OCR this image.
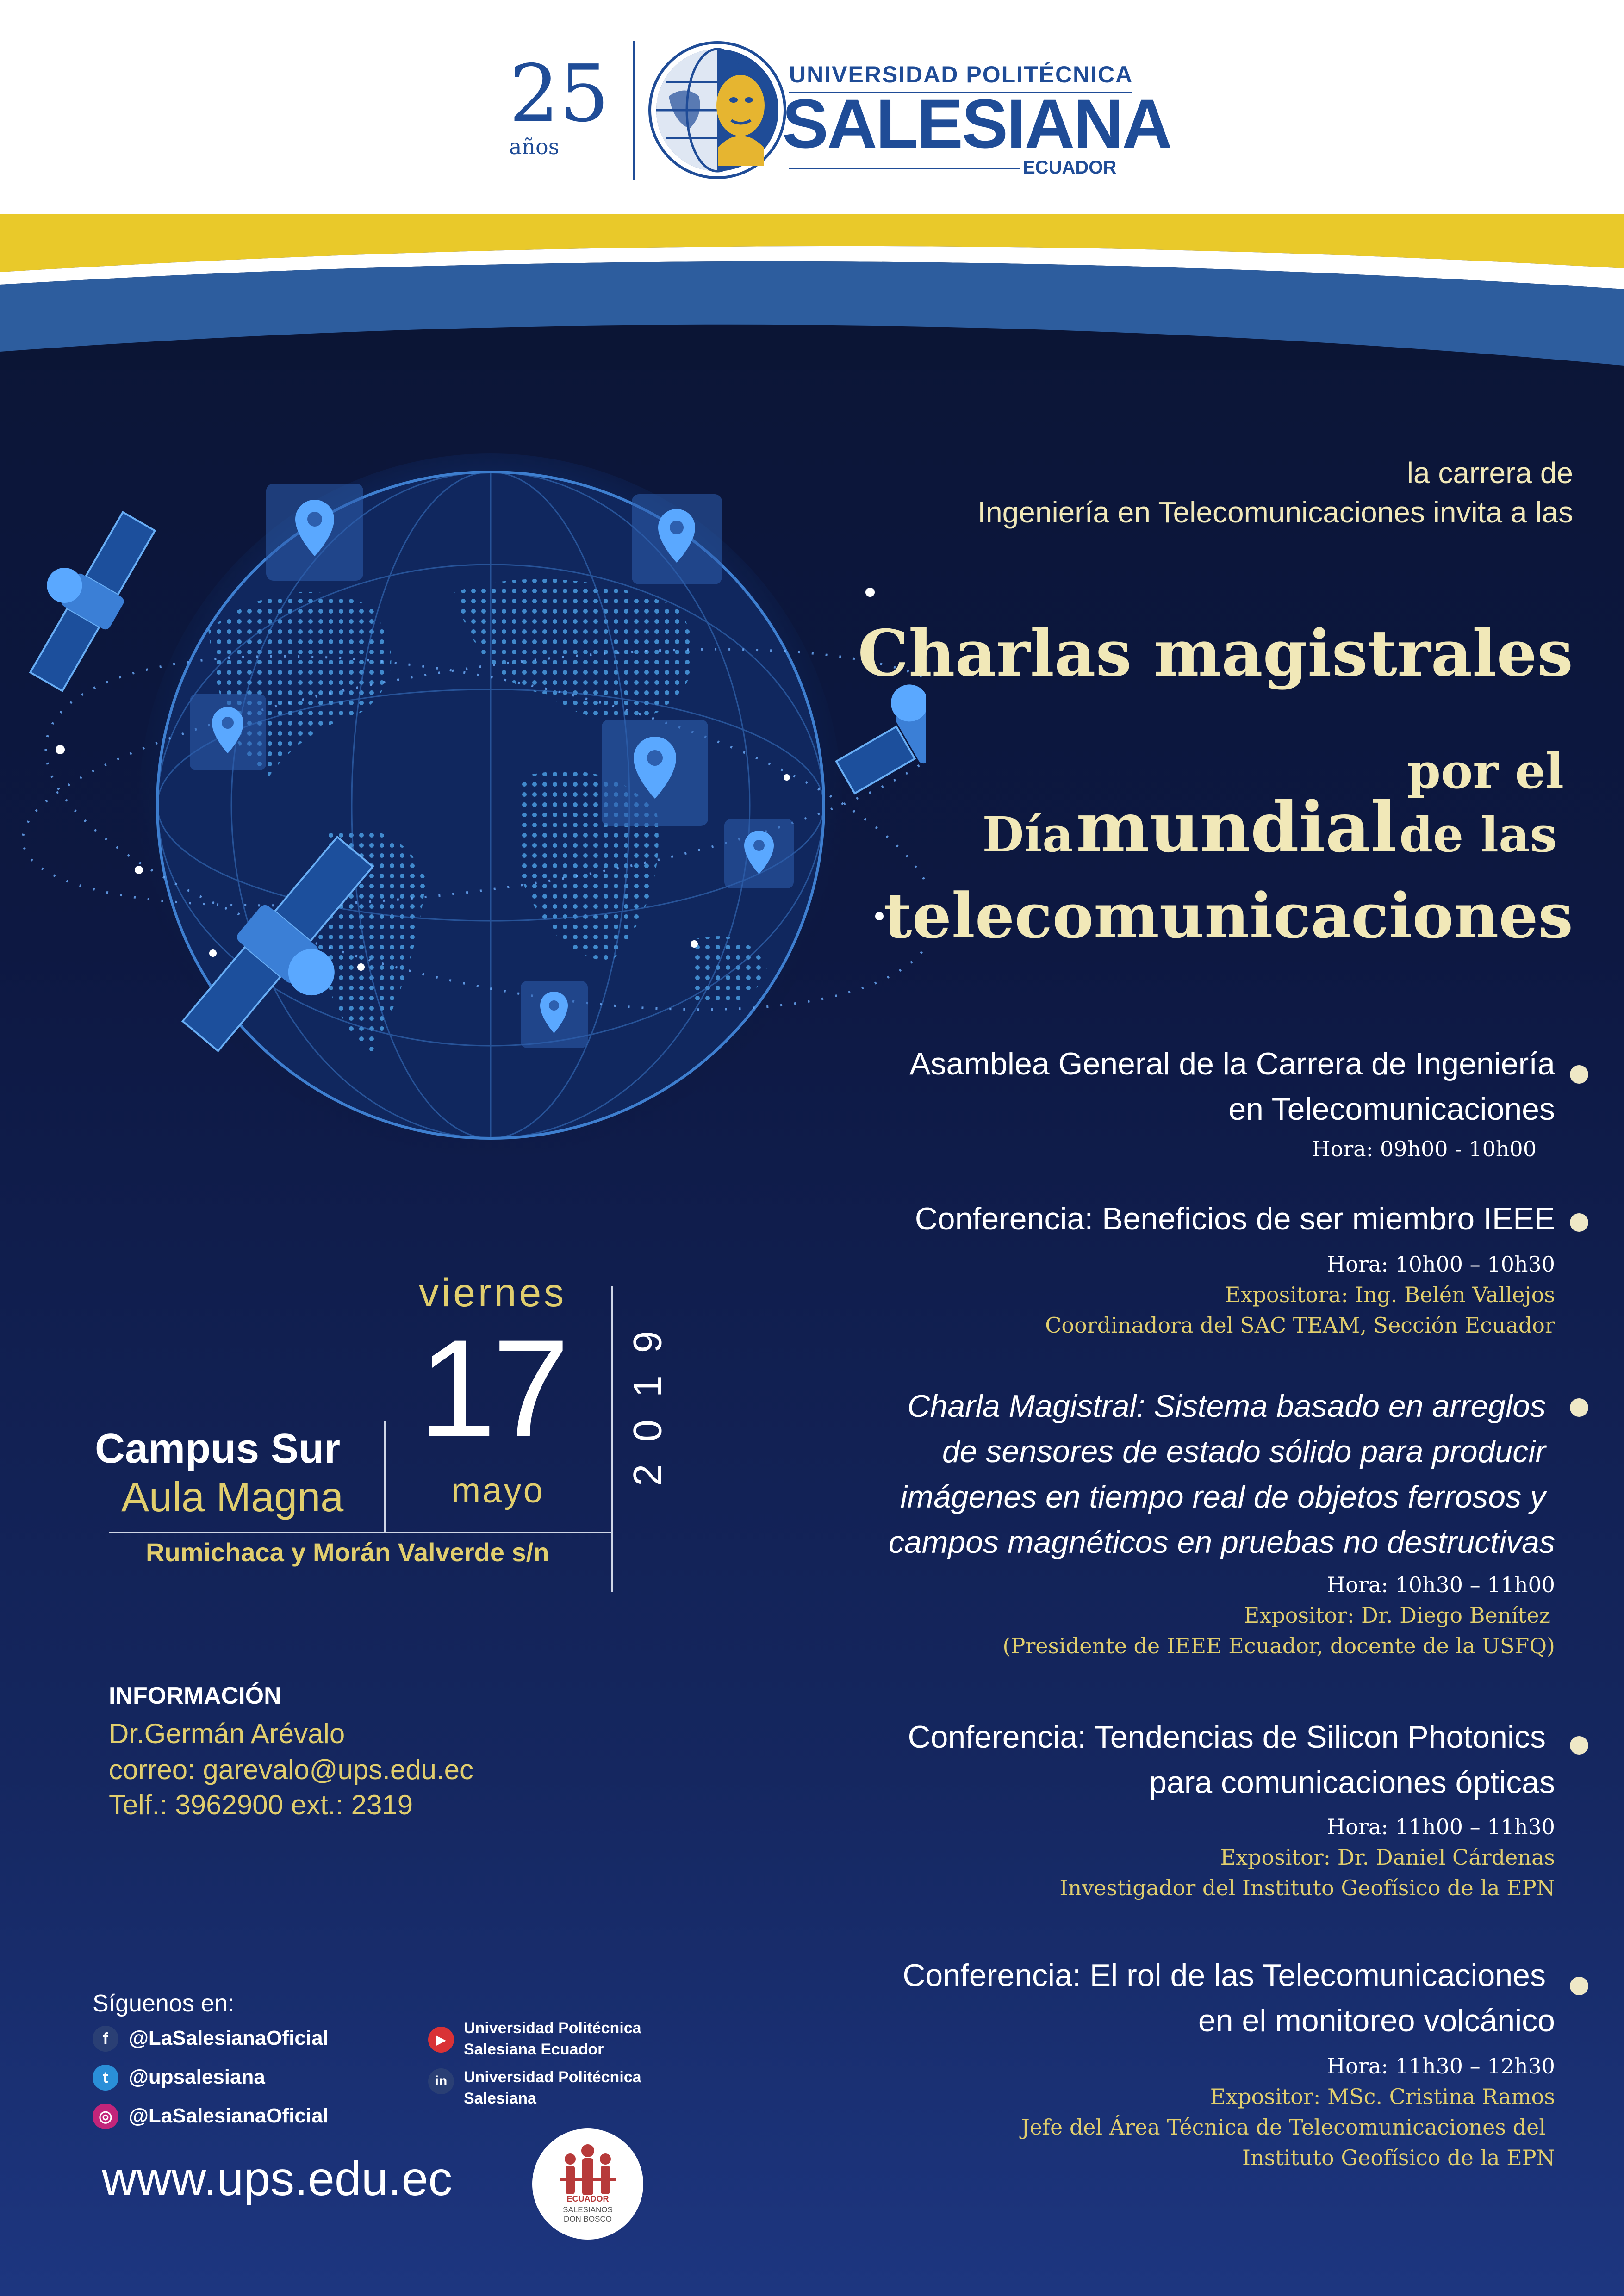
25
años
UNIVERSIDAD POLITÉCNICA
SALESIANA
ECUADOR
la carrera de
Ingeniería en Telecomunicaciones invita a las
Charlas magistrales
por el
Día mundial de las
telecomunicaciones
Asamblea General de la Carrera de Ingeniería
en Telecomunicaciones
Hora: 09h00 - 10h00
Conferencia: Beneficios de ser miembro IEEE
Hora: 10h00 – 10h30
Expositora: Ing. Belén Vallejos
Coordinadora del SAC TEAM, Sección Ecuador
Charla Magistral: Sistema basado en arreglos
de sensores de estado sólido para producir
imágenes en tiempo real de objetos ferrosos y
campos magnéticos en pruebas no destructivas
Hora: 10h30 – 11h00
Expositor: Dr. Diego Benítez
(Presidente de IEEE Ecuador, docente de la USFQ)
Conferencia: Tendencias de Silicon Photonics
para comunicaciones ópticas
Hora: 11h00 – 11h30
Expositor: Dr. Daniel Cárdenas
Investigador del Instituto Geofísico de la EPN
Conferencia: El rol de las Telecomunicaciones
en el monitoreo volcánico
Hora: 11h30 – 12h30
Expositor: MSc. Cristina Ramos
Jefe del Área Técnica de Telecomunicaciones del
Instituto Geofísico de la EPN
viernes
17
mayo
2019
Campus Sur
Aula Magna
Rumichaca y Morán Valverde s/n
INFORMACIÓN
Dr.Germán Arévalo
correo: garevalo@ups.edu.ec
Telf.: 3962900 ext.: 2319
Síguenos en:
f	@LaSalesianaOficial
t	@upsalesiana
◎ @LaSalesianaOficial
▶
Universidad Politécnica Salesiana Ecuador
in	Universidad Politécnica Salesiana
www.ups.edu.ec	ECUADOR
SALESIANOS
DON BOSCO
